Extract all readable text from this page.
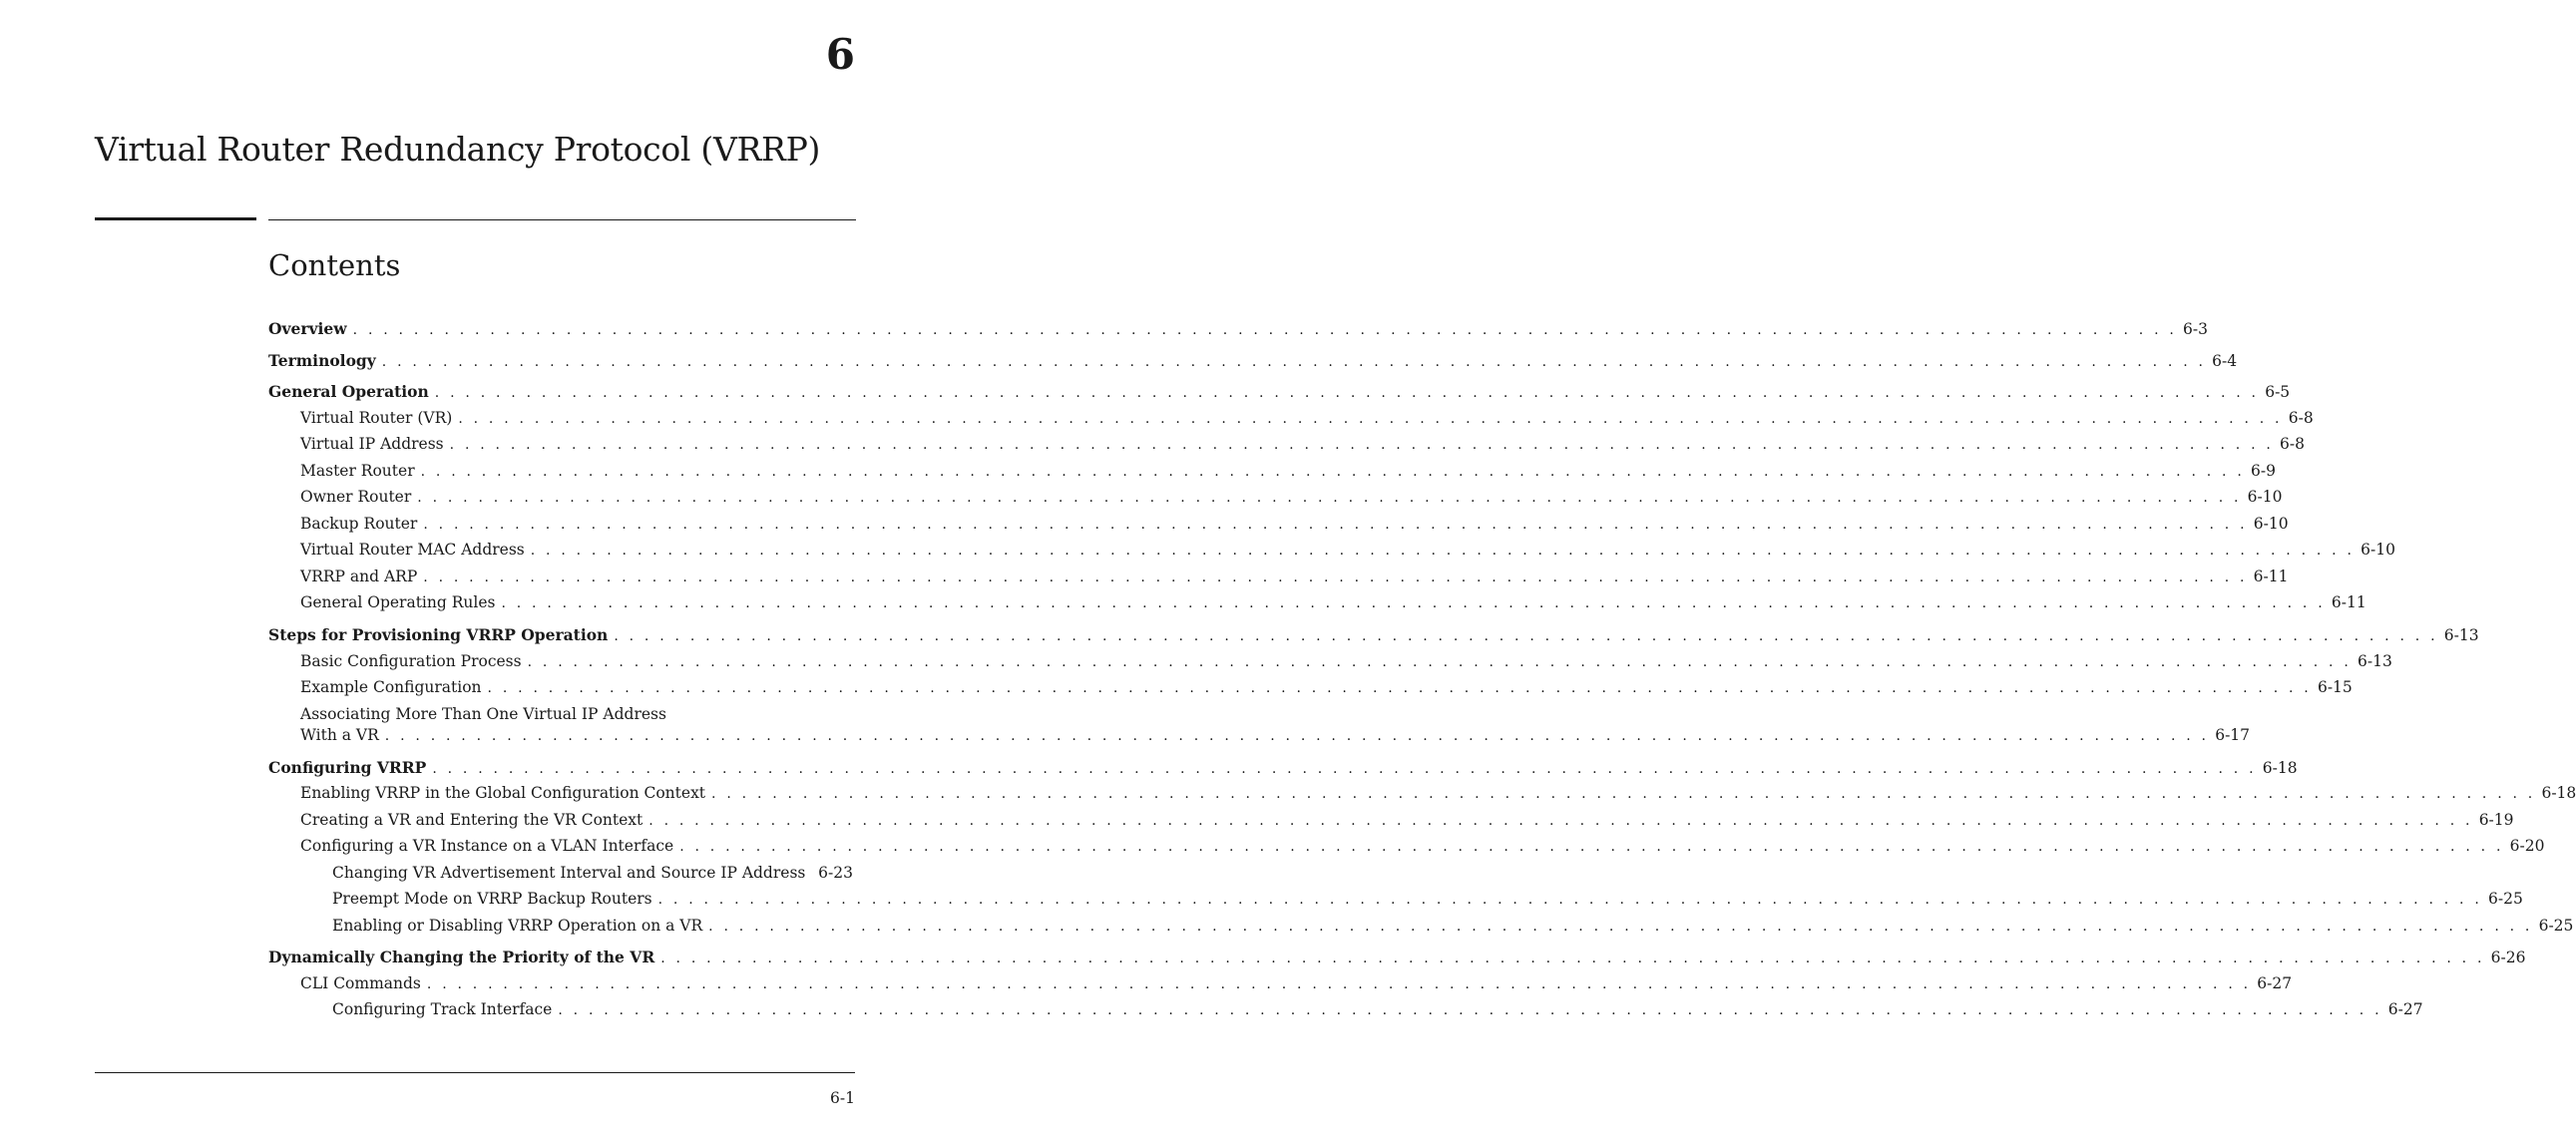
6
Virtual Router Redundancy Protocol (VRRP)
Contents
Overview . . . . . . . . . . . . . . . . . . . . . . . . . . . . . . . . . . . . . . . . . . . . . . . . . . . . . . . . . . . . . . . . . . . . . . . . . . . . . . . . . . . . . . . . . . . . . . . . . . . . . . . . . . . . . . . . . . . . . . . . 6-3
Terminology . . . . . . . . . . . . . . . . . . . . . . . . . . . . . . . . . . . . . . . . . . . . . . . . . . . . . . . . . . . . . . . . . . . . . . . . . . . . . . . . . . . . . . . . . . . . . . . . . . . . . . . . . . . . . . . . . . . . . . . . 6-4
General Operation . . . . . . . . . . . . . . . . . . . . . . . . . . . . . . . . . . . . . . . . . . . . . . . . . . . . . . . . . . . . . . . . . . . . . . . . . . . . . . . . . . . . . . . . . . . . . . . . . . . . . . . . . . . . . . . . . . . . . . . . 6-5
Virtual Router (VR) . . . . . . . . . . . . . . . . . . . . . . . . . . . . . . . . . . . . . . . . . . . . . . . . . . . . . . . . . . . . . . . . . . . . . . . . . . . . . . . . . . . . . . . . . . . . . . . . . . . . . . . . . . . . . . . . . . . . . . . . 6-8
Virtual IP Address . . . . . . . . . . . . . . . . . . . . . . . . . . . . . . . . . . . . . . . . . . . . . . . . . . . . . . . . . . . . . . . . . . . . . . . . . . . . . . . . . . . . . . . . . . . . . . . . . . . . . . . . . . . . . . . . . . . . . . . . 6-8
Master Router . . . . . . . . . . . . . . . . . . . . . . . . . . . . . . . . . . . . . . . . . . . . . . . . . . . . . . . . . . . . . . . . . . . . . . . . . . . . . . . . . . . . . . . . . . . . . . . . . . . . . . . . . . . . . . . . . . . . . . . . 6-9
Owner Router . . . . . . . . . . . . . . . . . . . . . . . . . . . . . . . . . . . . . . . . . . . . . . . . . . . . . . . . . . . . . . . . . . . . . . . . . . . . . . . . . . . . . . . . . . . . . . . . . . . . . . . . . . . . . . . . . . . . . . . . 6-10
Backup Router . . . . . . . . . . . . . . . . . . . . . . . . . . . . . . . . . . . . . . . . . . . . . . . . . . . . . . . . . . . . . . . . . . . . . . . . . . . . . . . . . . . . . . . . . . . . . . . . . . . . . . . . . . . . . . . . . . . . . . . . 6-10
Virtual Router MAC Address . . . . . . . . . . . . . . . . . . . . . . . . . . . . . . . . . . . . . . . . . . . . . . . . . . . . . . . . . . . . . . . . . . . . . . . . . . . . . . . . . . . . . . . . . . . . . . . . . . . . . . . . . . . . . . . . . . . . . . . . 6-10
VRRP and ARP . . . . . . . . . . . . . . . . . . . . . . . . . . . . . . . . . . . . . . . . . . . . . . . . . . . . . . . . . . . . . . . . . . . . . . . . . . . . . . . . . . . . . . . . . . . . . . . . . . . . . . . . . . . . . . . . . . . . . . . . 6-11
General Operating Rules . . . . . . . . . . . . . . . . . . . . . . . . . . . . . . . . . . . . . . . . . . . . . . . . . . . . . . . . . . . . . . . . . . . . . . . . . . . . . . . . . . . . . . . . . . . . . . . . . . . . . . . . . . . . . . . . . . . . . . . . 6-11
Steps for Provisioning VRRP Operation . . . . . . . . . . . . . . . . . . . . . . . . . . . . . . . . . . . . . . . . . . . . . . . . . . . . . . . . . . . . . . . . . . . . . . . . . . . . . . . . . . . . . . . . . . . . . . . . . . . . . . . . . . . . . . . . . . . . . . . . 6-13
Basic Configuration Process . . . . . . . . . . . . . . . . . . . . . . . . . . . . . . . . . . . . . . . . . . . . . . . . . . . . . . . . . . . . . . . . . . . . . . . . . . . . . . . . . . . . . . . . . . . . . . . . . . . . . . . . . . . . . . . . . . . . . . . . 6-13
Example Configuration . . . . . . . . . . . . . . . . . . . . . . . . . . . . . . . . . . . . . . . . . . . . . . . . . . . . . . . . . . . . . . . . . . . . . . . . . . . . . . . . . . . . . . . . . . . . . . . . . . . . . . . . . . . . . . . . . . . . . . . . 6-15
Associating More Than One Virtual IP Address
With a VR . . . . . . . . . . . . . . . . . . . . . . . . . . . . . . . . . . . . . . . . . . . . . . . . . . . . . . . . . . . . . . . . . . . . . . . . . . . . . . . . . . . . . . . . . . . . . . . . . . . . . . . . . . . . . . . . . . . . . . . . 6-17
Configuring VRRP . . . . . . . . . . . . . . . . . . . . . . . . . . . . . . . . . . . . . . . . . . . . . . . . . . . . . . . . . . . . . . . . . . . . . . . . . . . . . . . . . . . . . . . . . . . . . . . . . . . . . . . . . . . . . . . . . . . . . . . . 6-18
Enabling VRRP in the Global Configuration Context . . . . . . . . . . . . . . . . . . . . . . . . . . . . . . . . . . . . . . . . . . . . . . . . . . . . . . . . . . . . . . . . . . . . . . . . . . . . . . . . . . . . . . . . . . . . . . . . . . . . . . . . . . . . . . . . . . . . . . . . 6-18
Creating a VR and Entering the VR Context . . . . . . . . . . . . . . . . . . . . . . . . . . . . . . . . . . . . . . . . . . . . . . . . . . . . . . . . . . . . . . . . . . . . . . . . . . . . . . . . . . . . . . . . . . . . . . . . . . . . . . . . . . . . . . . . . . . . . . . . 6-19
Configuring a VR Instance on a VLAN Interface . . . . . . . . . . . . . . . . . . . . . . . . . . . . . . . . . . . . . . . . . . . . . . . . . . . . . . . . . . . . . . . . . . . . . . . . . . . . . . . . . . . . . . . . . . . . . . . . . . . . . . . . . . . . . . . . . . . . . . . . 6-20
Changing VR Advertisement Interval and Source IP Address 6-23
Preempt Mode on VRRP Backup Routers . . . . . . . . . . . . . . . . . . . . . . . . . . . . . . . . . . . . . . . . . . . . . . . . . . . . . . . . . . . . . . . . . . . . . . . . . . . . . . . . . . . . . . . . . . . . . . . . . . . . . . . . . . . . . . . . . . . . . . . . 6-25
Enabling or Disabling VRRP Operation on a VR . . . . . . . . . . . . . . . . . . . . . . . . . . . . . . . . . . . . . . . . . . . . . . . . . . . . . . . . . . . . . . . . . . . . . . . . . . . . . . . . . . . . . . . . . . . . . . . . . . . . . . . . . . . . . . . . . . . . . . . . 6-25
Dynamically Changing the Priority of the VR . . . . . . . . . . . . . . . . . . . . . . . . . . . . . . . . . . . . . . . . . . . . . . . . . . . . . . . . . . . . . . . . . . . . . . . . . . . . . . . . . . . . . . . . . . . . . . . . . . . . . . . . . . . . . . . . . . . . . . . . 6-26
CLI Commands . . . . . . . . . . . . . . . . . . . . . . . . . . . . . . . . . . . . . . . . . . . . . . . . . . . . . . . . . . . . . . . . . . . . . . . . . . . . . . . . . . . . . . . . . . . . . . . . . . . . . . . . . . . . . . . . . . . . . . . . 6-27
Configuring Track Interface . . . . . . . . . . . . . . . . . . . . . . . . . . . . . . . . . . . . . . . . . . . . . . . . . . . . . . . . . . . . . . . . . . . . . . . . . . . . . . . . . . . . . . . . . . . . . . . . . . . . . . . . . . . . . . . . . . . . . . . . 6-27
6-1
